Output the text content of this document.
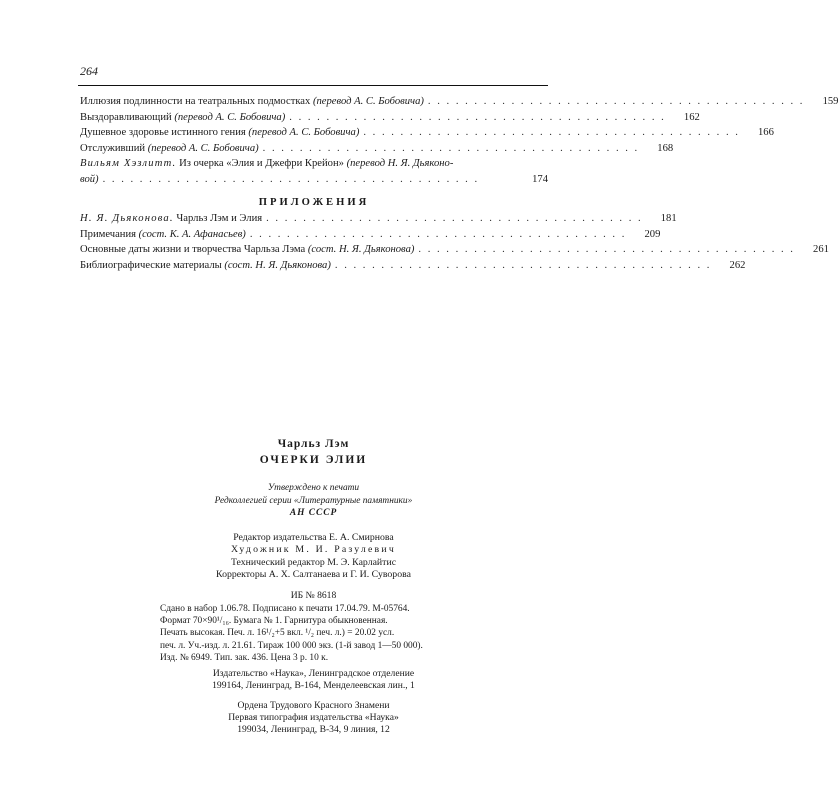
264
Иллюзия подлинности на театральных подмостках (перевод А. С. Бобовича) . . .	159
Выздоравливающий (перевод А. С. Бобовича) . . .	162
Душевное здоровье истинного гения (перевод А. С. Бобовича) . . .	166
Отслуживший (перевод А. С. Бобовича) . . .	168
Вильям Хэзлитт. Из очерка «Элия и Джефри Крейон» (перевод Н. Я. Дьяконо-
вой) . . .	174
ПРИЛОЖЕНИЯ
Н. Я. Дьяконова. Чарльз Лэм и Элия . . .	181
Примечания (сост. К. А. Афанасьев) . . .	209
Основные даты жизни и творчества Чарльза Лэма (сост. Н. Я. Дьяконова) . . .	261
Библиографические материалы (сост. Н. Я. Дьяконова) . . .	262
Чарльз Лэм
ОЧЕРКИ ЭЛИИ
Утверждено к печати
Редколлегией серии «Литературные памятники»
АН СССР
Редактор издательства Е. А. Смирнова
Художник М. И. Разулевич
Технический редактор М. Э. Карлайтис
Корректоры А. Х. Салтанаева и Г. И. Суворова
ИБ № 8618
Сдано в набор 1.06.78. Подписано к печати 17.04.79. М-05764.
Формат 70×90¹/₁₆. Бумага № 1. Гарнитура обыкновенная.
Печать высокая. Печ. л. 16¹/₂+5 вкл. ¹/₂ печ. л.) = 20.02 усл.
печ. л. Уч.-изд. л. 21.61. Тираж 100 000 экз. (1-й завод 1—50 000).
Изд. № 6949. Тип. зак. 436. Цена 3 р. 10 к.
Издательство «Наука», Ленинградское отделение
199164, Ленинград, В-164, Менделеевская лин., 1
Ордена Трудового Красного Знамени
Первая типография издательства «Наука»
199034, Ленинград, В-34, 9 линия, 12
